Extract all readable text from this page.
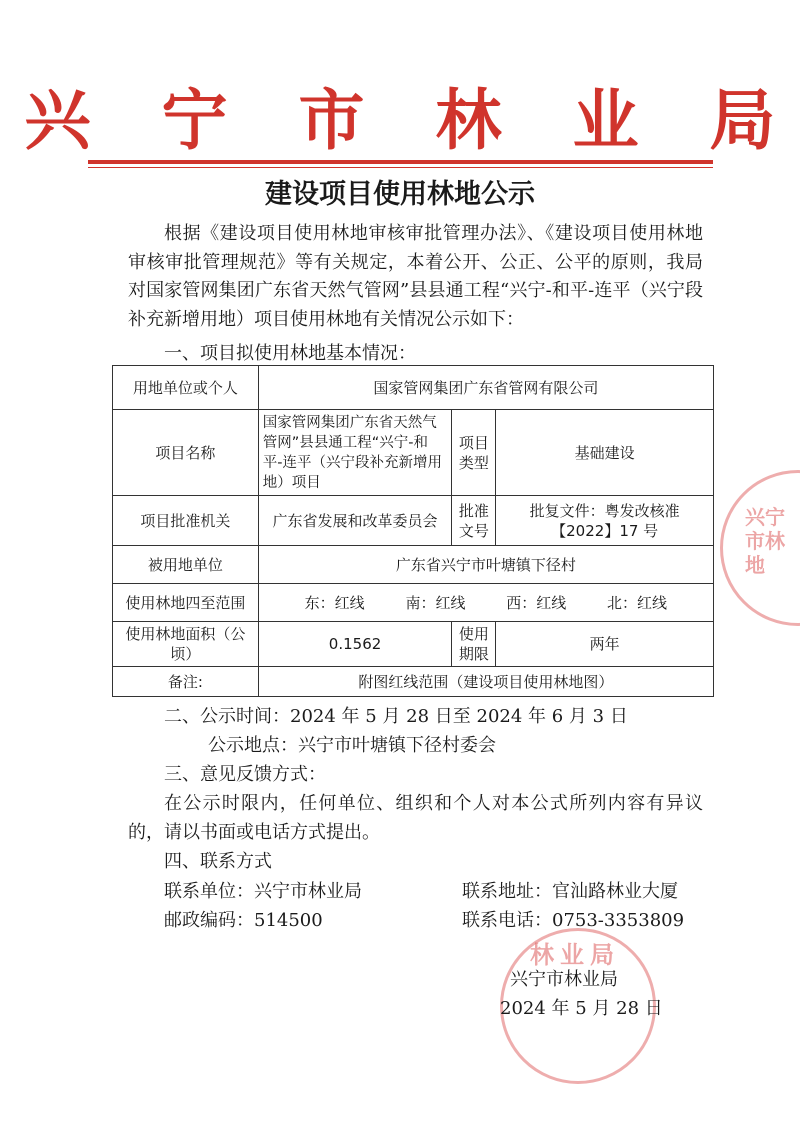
兴 宁 市 林 业 局
建设项目使用林地公示
根据《建设项目使用林地审核审批管理办法》、《建设项目使用林地审核审批管理规范》等有关规定，本着公开、公正、公平的原则，我局对国家管网集团广东省天然气管网”县县通工程“兴宁-和平-连平（兴宁段补充新增用地）项目使用林地有关情况公示如下：
一、项目拟使用林地基本情况：
用地单位或个人	国家管网集团广东省管网有限公司		
项目名称	国家管网集团广东省天然气管网”县县通工程“兴宁-和平-连平（兴宁段补充新增用地）项目	项目类型	基础建设
项目批准机关	广东省发展和改革委员会	批准文号	批复文件：粤发改核准【2022】17 号
被用地单位	广东省兴宁市叶塘镇下径村		
使用林地四至范围	东：红线 南：红线 西：红线 北：红线		
使用林地面积（公顷）	0.1562	使用期限	两年
备注:	附图红线范围（建设项目使用林地图）		
二、公示时间：2024 年 5 月 28 日至 2024 年 6 月 3 日
公示地点：兴宁市叶塘镇下径村委会
三、意见反馈方式：
在公示时限内，任何单位、组织和个人对本公式所列内容有异议的，请以书面或电话方式提出。
四、联系方式
联系单位：兴宁市林业局	联系地址：官汕路林业大厦
邮政编码：514500	联系电话：0753-3353809
林业局
兴宁市林地
兴宁市林业局
2024 年 5 月 28 日
